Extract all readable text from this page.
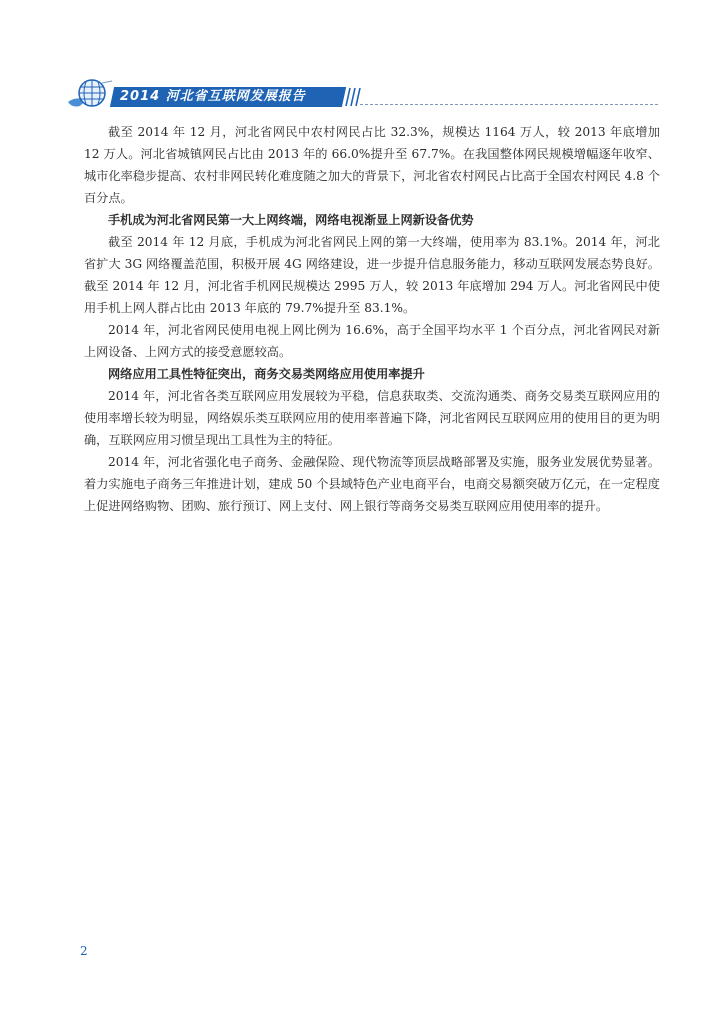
2014 河北省互联网发展报告

截至 2014 年 12 月，河北省网民中农村网民占比 32.3%，规模达 1164 万人，较 2013 年底增加 12 万人。河北省城镇网民占比由 2013 年的 66.0%提升至 67.7%。在我国整体网民规模增幅逐年收窄、城市化率稳步提高、农村非网民转化难度随之加大的背景下，河北省农村网民占比高于全国农村网民 4.8 个百分点。

手机成为河北省网民第一大上网终端，网络电视渐显上网新设备优势

截至 2014 年 12 月底，手机成为河北省网民上网的第一大终端，使用率为 83.1%。2014 年，河北省扩大 3G 网络覆盖范围，积极开展 4G 网络建设，进一步提升信息服务能力，移动互联网发展态势良好。截至 2014 年 12 月，河北省手机网民规模达 2995 万人，较 2013 年底增加 294 万人。河北省网民中使用手机上网人群占比由 2013 年底的 79.7%提升至 83.1%。

2014 年，河北省网民使用电视上网比例为 16.6%，高于全国平均水平 1 个百分点，河北省网民对新上网设备、上网方式的接受意愿较高。

网络应用工具性特征突出，商务交易类网络应用使用率提升

2014 年，河北省各类互联网应用发展较为平稳，信息获取类、交流沟通类、商务交易类互联网应用的使用率增长较为明显，网络娱乐类互联网应用的使用率普遍下降，河北省网民互联网应用的使用目的更为明确，互联网应用习惯呈现出工具性为主的特征。

2014 年，河北省强化电子商务、金融保险、现代物流等顶层战略部署及实施，服务业发展优势显著。着力实施电子商务三年推进计划，建成 50 个县域特色产业电商平台，电商交易额突破万亿元，在一定程度上促进网络购物、团购、旅行预订、网上支付、网上银行等商务交易类互联网应用使用率的提升。

2
